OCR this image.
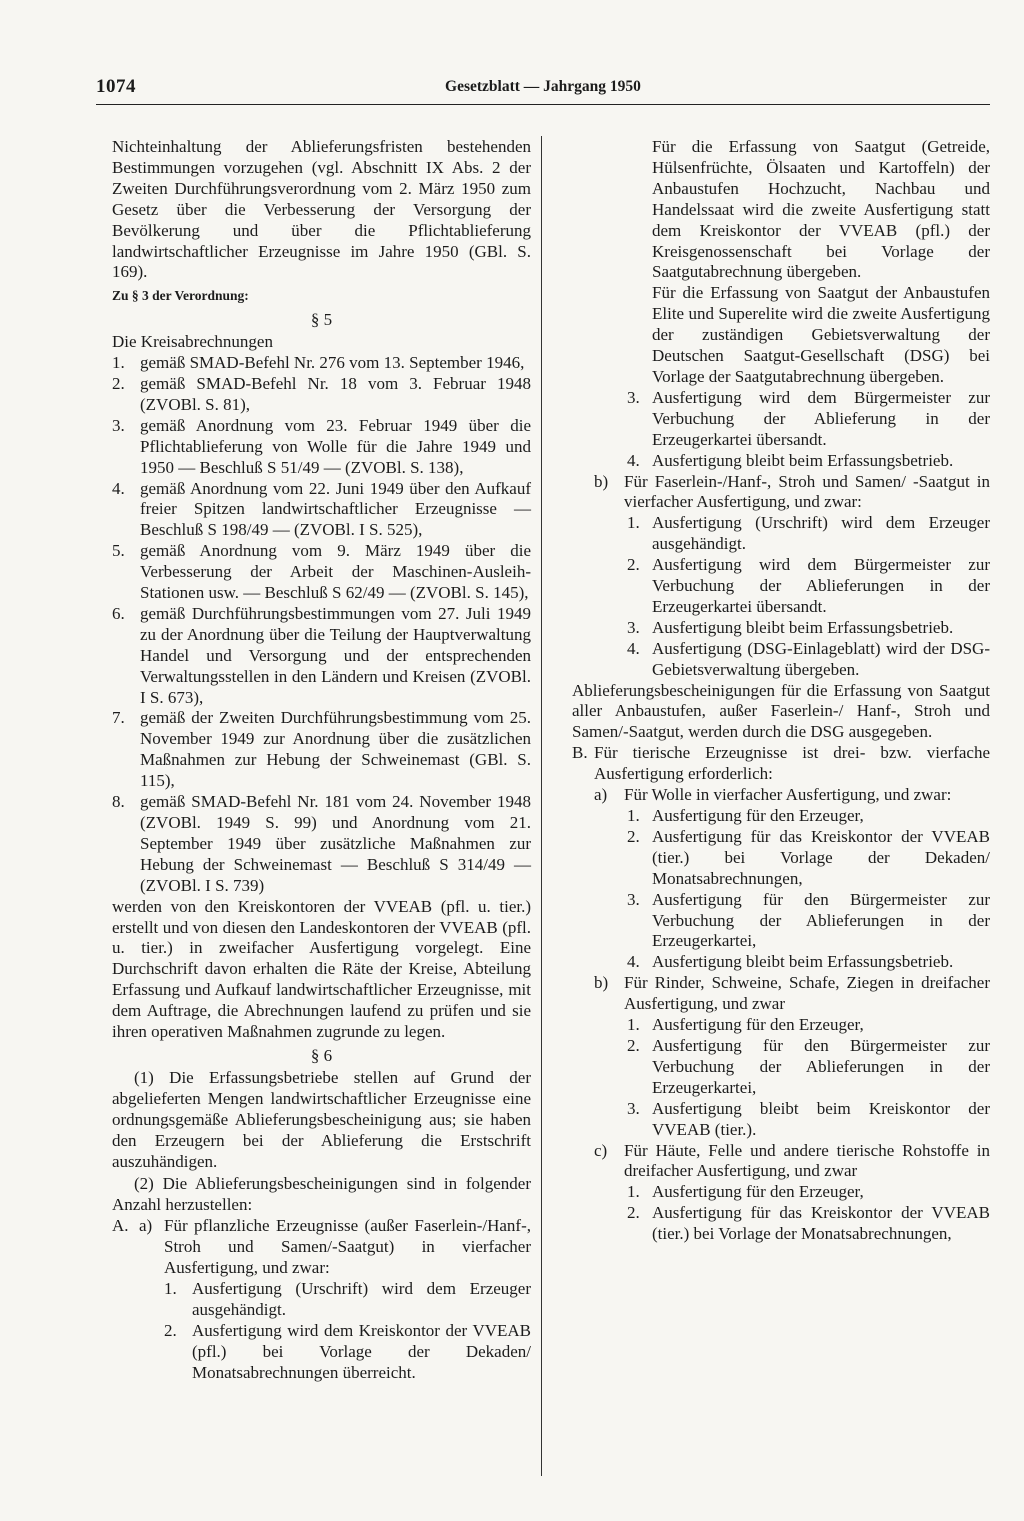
1074	Gesetzblatt — Jahrgang 1950

Nichteinhaltung der Ablieferungsfristen bestehenden Bestimmungen vorzugehen (vgl. Abschnitt IX Abs. 2 der Zweiten Durchführungsverordnung vom 2. März 1950 zum Gesetz über die Verbesserung der Versorgung der Bevölkerung und über die Pflichtablieferung landwirtschaftlicher Erzeugnisse im Jahre 1950 (GBl. S. 169).

Zu § 3 der Verordnung:

§ 5

Die Kreisabrechnungen

1. gemäß SMAD-Befehl Nr. 276 vom 13. September 1946,
2. gemäß SMAD-Befehl Nr. 18 vom 3. Februar 1948 (ZVOBl. S. 81),
3. gemäß Anordnung vom 23. Februar 1949 über die Pflichtablieferung von Wolle für die Jahre 1949 und 1950 — Beschluß S 51/49 — (ZVOBl. S. 138),
4. gemäß Anordnung vom 22. Juni 1949 über den Aufkauf freier Spitzen landwirtschaftlicher Erzeugnisse — Beschluß S 198/49 — (ZVOBl. I S. 525),
5. gemäß Anordnung vom 9. März 1949 über die Verbesserung der Arbeit der Maschinen-Ausleih-Stationen usw. — Beschluß S 62/49 — (ZVOBl. S. 145),
6. gemäß Durchführungsbestimmungen vom 27. Juli 1949 zu der Anordnung über die Teilung der Hauptverwaltung Handel und Versorgung und der entsprechenden Verwaltungsstellen in den Ländern und Kreisen (ZVOBl. I S. 673),
7. gemäß der Zweiten Durchführungsbestimmung vom 25. November 1949 zur Anordnung über die zusätzlichen Maßnahmen zur Hebung der Schweinemast (GBl. S. 115),
8. gemäß SMAD-Befehl Nr. 181 vom 24. November 1948 (ZVOBl. 1949 S. 99) und Anordnung vom 21. September 1949 über zusätzliche Maßnahmen zur Hebung der Schweinemast — Beschluß S 314/49 — (ZVOBl. I S. 739)

werden von den Kreiskontoren der VVEAB (pfl. u. tier.) erstellt und von diesen den Landeskontoren der VVEAB (pfl. u. tier.) in zweifacher Ausfertigung vorgelegt. Eine Durchschrift davon erhalten die Räte der Kreise, Abteilung Erfassung und Aufkauf landwirtschaftlicher Erzeugnisse, mit dem Auftrage, die Abrechnungen laufend zu prüfen und sie ihren operativen Maßnahmen zugrunde zu legen.

§ 6

(1) Die Erfassungsbetriebe stellen auf Grund der abgelieferten Mengen landwirtschaftlicher Erzeugnisse eine ordnungsgemäße Ablieferungsbescheinigung aus; sie haben den Erzeugern bei der Ablieferung die Erstschrift auszuhändigen.

(2) Die Ablieferungsbescheinigungen sind in folgender Anzahl herzustellen:

A. a) Für pflanzliche Erzeugnisse (außer Faserlein-/Hanf-, Stroh und Samen/-Saatgut) in vierfacher Ausfertigung, und zwar:
1. Ausfertigung (Urschrift) wird dem Erzeuger ausgehändigt.
2. Ausfertigung wird dem Kreiskontor der VVEAB (pfl.) bei Vorlage der Dekaden/ Monatsabrechnungen überreicht.

Für die Erfassung von Saatgut (Getreide, Hülsenfrüchte, Ölsaaten und Kartoffeln) der Anbaustufen Hochzucht, Nachbau und Handelssaat wird die zweite Ausfertigung statt dem Kreiskontor der VVEAB (pfl.) der Kreisgenossenschaft bei Vorlage der Saatgutabrechnung übergeben.

Für die Erfassung von Saatgut der Anbaustufen Elite und Superelite wird die zweite Ausfertigung der zuständigen Gebietsverwaltung der Deutschen Saatgut-Gesellschaft (DSG) bei Vorlage der Saatgutabrechnung übergeben.

3. Ausfertigung wird dem Bürgermeister zur Verbuchung der Ablieferung in der Erzeugerkartei übersandt.
4. Ausfertigung bleibt beim Erfassungsbetrieb.
b) Für Faserlein-/Hanf-, Stroh und Samen/ -Saatgut in vierfacher Ausfertigung, und zwar:
1. Ausfertigung (Urschrift) wird dem Erzeuger ausgehändigt.
2. Ausfertigung wird dem Bürgermeister zur Verbuchung der Ablieferungen in der Erzeugerkartei übersandt.
3. Ausfertigung bleibt beim Erfassungsbetrieb.
4. Ausfertigung (DSG-Einlageblatt) wird der DSG-Gebietsverwaltung übergeben.

Ablieferungsbescheinigungen für die Erfassung von Saatgut aller Anbaustufen, außer Faserlein-/ Hanf-, Stroh und Samen/-Saatgut, werden durch die DSG ausgegeben.

B. Für tierische Erzeugnisse ist drei- bzw. vierfache Ausfertigung erforderlich:
a) Für Wolle in vierfacher Ausfertigung, und zwar:
1. Ausfertigung für den Erzeuger,
2. Ausfertigung für das Kreiskontor der VVEAB (tier.) bei Vorlage der Dekaden/ Monatsabrechnungen,
3. Ausfertigung für den Bürgermeister zur Verbuchung der Ablieferungen in der Erzeugerkartei,
4. Ausfertigung bleibt beim Erfassungsbetrieb.
b) Für Rinder, Schweine, Schafe, Ziegen in dreifacher Ausfertigung, und zwar
1. Ausfertigung für den Erzeuger,
2. Ausfertigung für den Bürgermeister zur Verbuchung der Ablieferungen in der Erzeugerkartei,
3. Ausfertigung bleibt beim Kreiskontor der VVEAB (tier.).
c) Für Häute, Felle und andere tierische Rohstoffe in dreifacher Ausfertigung, und zwar
1. Ausfertigung für den Erzeuger,
2. Ausfertigung für das Kreiskontor der VVEAB (tier.) bei Vorlage der Monatsabrechnungen,
